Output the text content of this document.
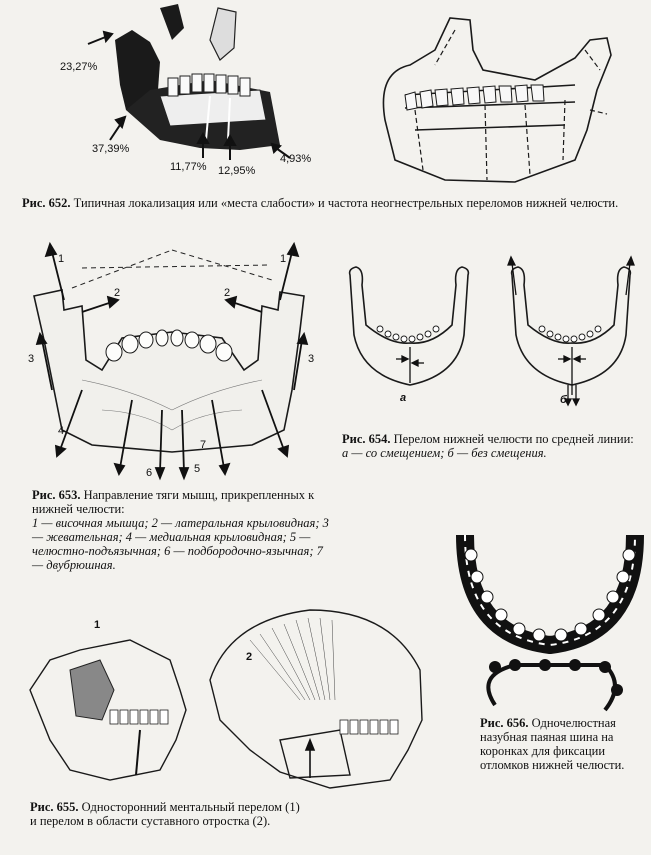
23,27%
37,39%
11,77% 12,95%
4,93%
Рис. 652. Типичная локализация или «места слабости» и частота неогнестрельных переломов нижней челюсти.
1	1
2	2
3	3
4
5
6
7
Рис. 653. Направление тяги мышц, прикрепленных к нижней челюсти:
1 — височная мышца; 2 — латеральная крыловидная; 3 — жевательная; 4 — медиальная крыловидная; 5 — челюстно-подъязычная; 6 — подбородочно-язычная; 7 — двубрюшная.
а	б
Рис. 654. Перелом нижней челюсти по средней линии:
а — со смещением; б — без смещения.
1
2
Рис. 655. Односторонний ментальный перелом (1) и перелом в области суставного отростка (2).
Рис. 656. Одночелюстная назубная паяная шина на коронках для фиксации отломков нижней челюсти.
